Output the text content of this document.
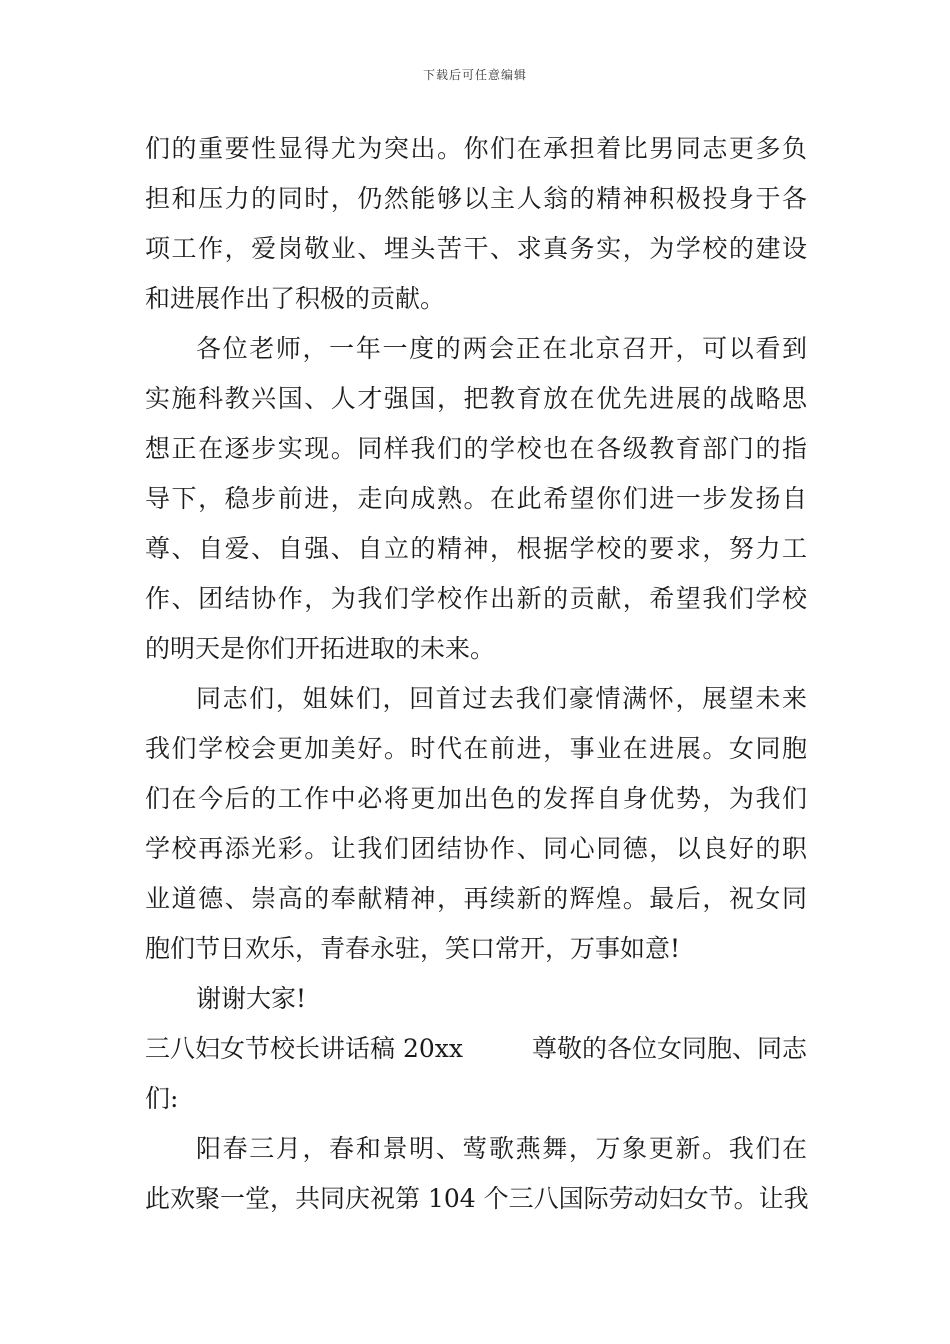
下载后可任意编辑
们的重要性显得尤为突出。你们在承担着比男同志更多负
担和压力的同时，仍然能够以主人翁的精神积极投身于各
项工作，爱岗敬业、埋头苦干、求真务实，为学校的建设
和进展作出了积极的贡献。
各位老师，一年一度的两会正在北京召开，可以看到
实施科教兴国、人才强国，把教育放在优先进展的战略思
想正在逐步实现。同样我们的学校也在各级教育部门的指
导下，稳步前进，走向成熟。在此希望你们进一步发扬自
尊、自爱、自强、自立的精神，根据学校的要求，努力工
作、团结协作，为我们学校作出新的贡献，希望我们学校
的明天是你们开拓进取的未来。
同志们，姐妹们，回首过去我们豪情满怀，展望未来
我们学校会更加美好。时代在前进，事业在进展。女同胞
们在今后的工作中必将更加出色的发挥自身优势，为我们
学校再添光彩。让我们团结协作、同心同德，以良好的职
业道德、崇高的奉献精神，再续新的辉煌。最后，祝女同
胞们节日欢乐，青春永驻，笑口常开，万事如意!
谢谢大家!
三八妇女节校长讲话稿 20xx	尊敬的各位女同胞、同志
们:
阳春三月，春和景明、莺歌燕舞，万象更新。我们在
此欢聚一堂，共同庆祝第 104 个三八国际劳动妇女节。让我
